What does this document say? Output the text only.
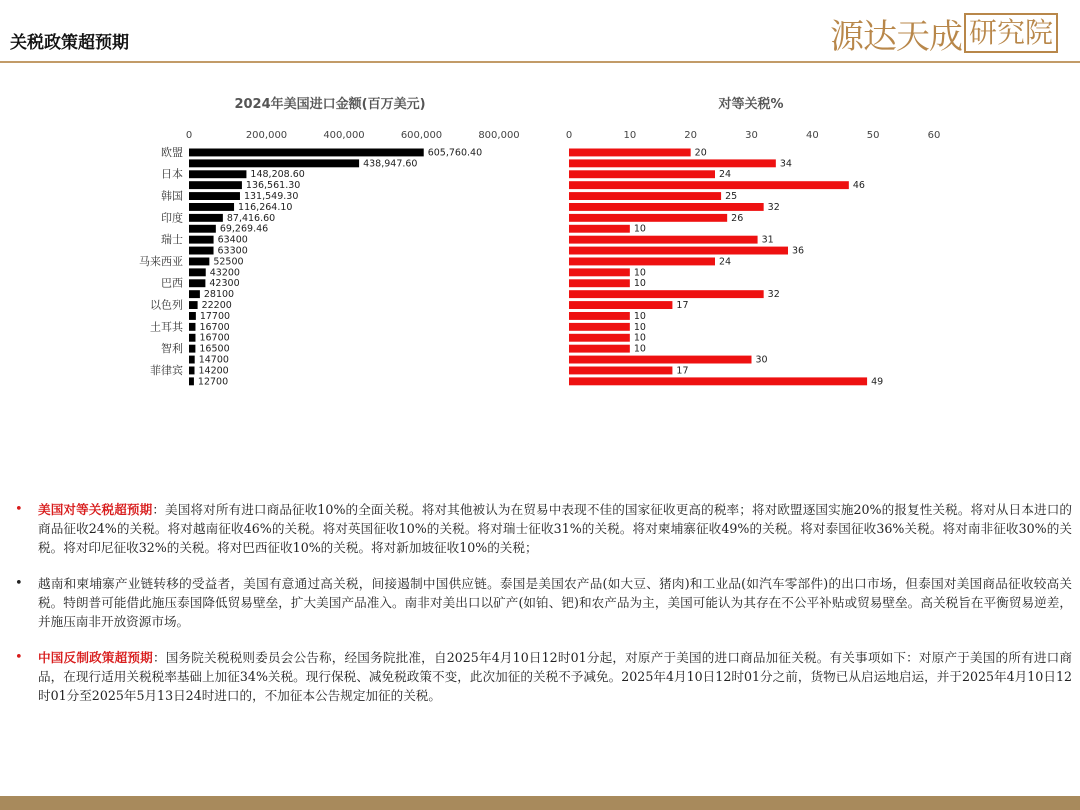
关税政策超预期	源达天成 研究院
2024年美国进口金额(百万美元)
0	200,000	400,000	600,000	800,000
605,760.40
438,947.60
148,208.60
136,561.30
131,549.30
116,264.10
87,416.60
69,269.46
63400
63300
52500
43200
42300
28100
22200
17700
16700
16700
16500
14700
14200
12700
欧盟
日本
韩国
印度
瑞士
马来西亚
巴西
以色列
土耳其
智利
菲律宾
对等关税%
0	10	20	30	40	50	60
20
34
24
46
25
32
26
10
31
36
24
10
10
32
17
10
10
10
10
30
17
49
• 美国对等关税超预期：美国将对所有进口商品征收10%的全面关税。将对其他被认为在贸易中表现不佳的国家征收更高的税率；将对欧盟逐国实施20%的报复性关税。将对从日本进口的商品征收24%的关税。将对越南征收46%的关税。将对英国征收10%的关税。将对瑞士征收31%的关税。将对柬埔寨征收49%的关税。将对泰国征收36%关税。将对南非征收30%的关税。将对印尼征收32%的关税。将对巴西征收10%的关税。将对新加坡征收10%的关税；
• 越南和柬埔寨产业链转移的受益者，美国有意通过高关税，间接遏制中国供应链。泰国是美国农产品(如大豆、猪肉)和工业品(如汽车零部件)的出口市场，但泰国对美国商品征收较高关税。特朗普可能借此施压泰国降低贸易壁垒，扩大美国产品准入。南非对美出口以矿产(如铂、钯)和农产品为主，美国可能认为其存在不公平补贴或贸易壁垒。高关税旨在平衡贸易逆差，并施压南非开放资源市场。
• 中国反制政策超预期：国务院关税税则委员会公告称，经国务院批准，自2025年4月10日12时01分起，对原产于美国的进口商品加征关税。有关事项如下：对原产于美国的所有进口商品，在现行适用关税税率基础上加征34%关税。现行保税、减免税政策不变，此次加征的关税不予减免。2025年4月10日12时01分之前，货物已从启运地启运，并于2025年4月10日12时01分至2025年5月13日24时进口的，不加征本公告规定加征的关税。
